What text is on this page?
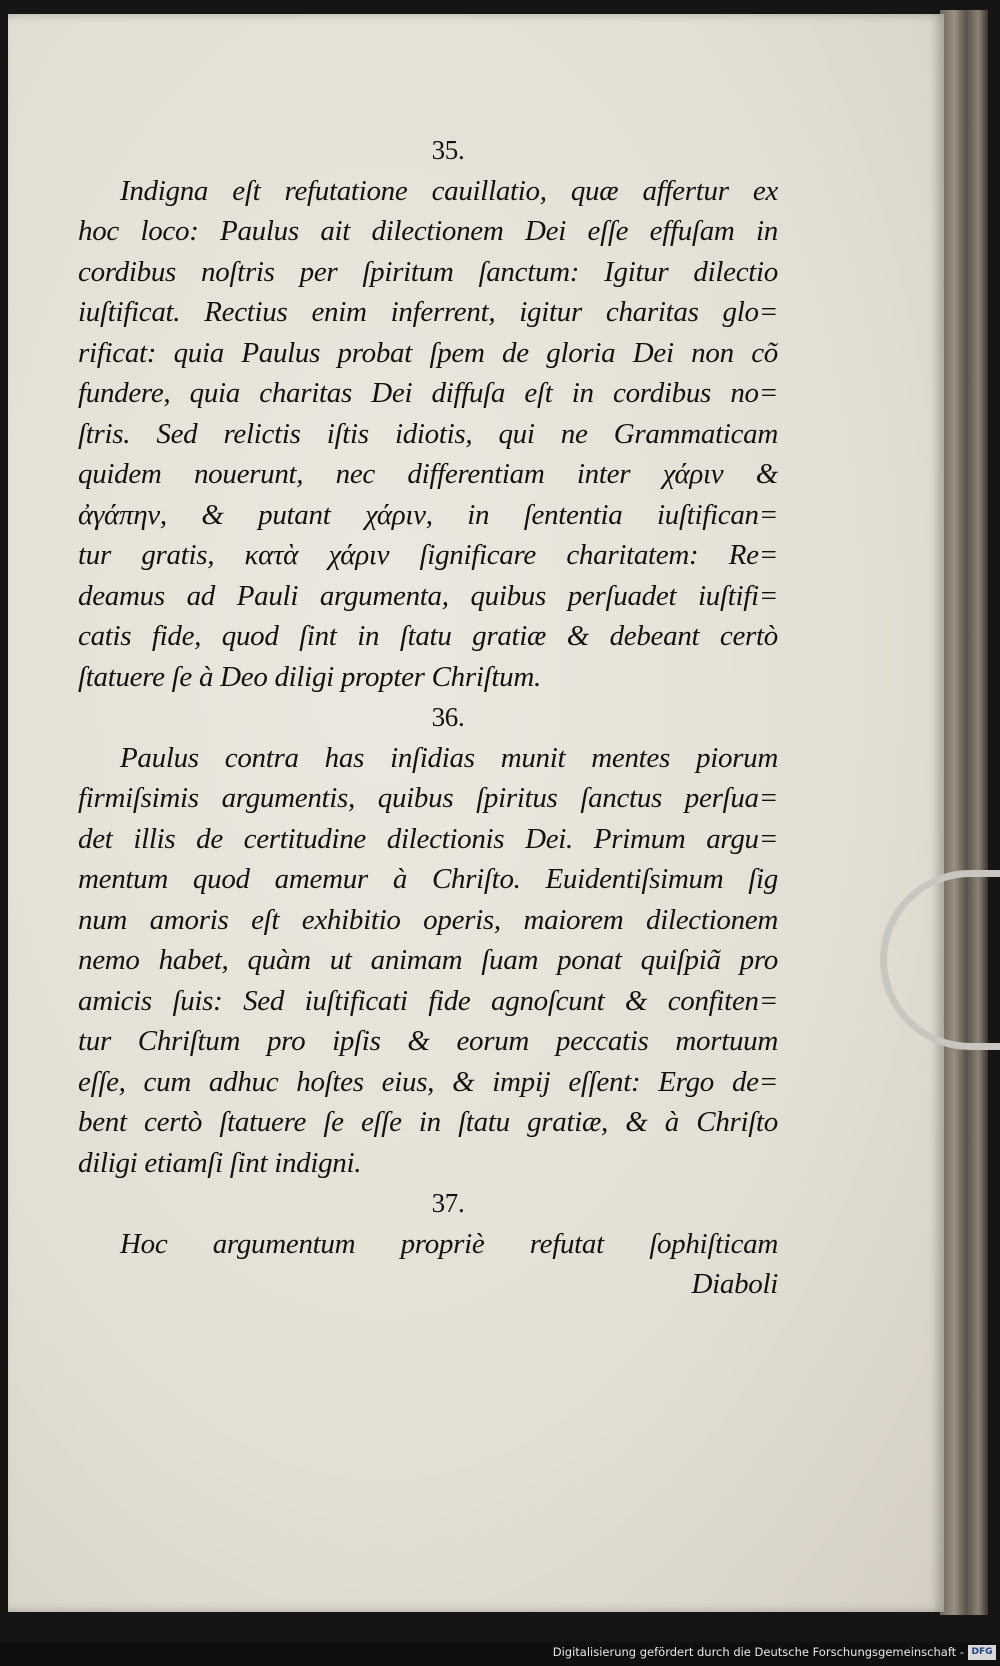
35.

Indigna eſt refutatione cauillatio, quæ affertur ex

hoc loco: Paulus ait dilectionem Dei eſſe effuſam in

cordibus noſtris per ſpiritum ſanctum: Igitur dilectio

iuſtificat. Rectius enim inferrent, igitur charitas glo=

rificat: quia Paulus probat ſpem de gloria Dei non cõ

fundere, quia charitas Dei diffuſa eſt in cordibus no=

ſtris. Sed relictis iſtis idiotis, qui ne Grammaticam

quidem nouerunt, nec differentiam inter χάριν &

ἀγάπην, & putant χάριν, in ſententia iuſtifican=

tur gratis, κατὰ χάριν ſignificare charitatem: Re=

deamus ad Pauli argumenta, quibus perſuadet iuſtifi=

catis fide, quod ſint in ſtatu gratiæ & debeant certò

ſtatuere ſe à Deo diligi propter Chriſtum.

36.

Paulus contra has inſidias munit mentes piorum

firmiſsimis argumentis, quibus ſpiritus ſanctus perſua=

det illis de certitudine dilectionis Dei. Primum argu=

mentum quod amemur à Chriſto. Euidentiſsimum ſig

num amoris eſt exhibitio operis, maiorem dilectionem

nemo habet, quàm ut animam ſuam ponat quiſpiã pro

amicis ſuis: Sed iuſtificati fide agnoſcunt & confiten=

tur Chriſtum pro ipſis & eorum peccatis mortuum

eſſe, cum adhuc hoſtes eius, & impij eſſent: Ergo de=

bent certò ſtatuere ſe eſſe in ſtatu gratiæ, & à Chriſto

diligi etiamſi ſint indigni.

37.

Hoc argumentum propriè refutat ſophiſticam

Diaboli

Digitalisierung gefördert durch die Deutsche Forschungsgemeinschaft - DFG
